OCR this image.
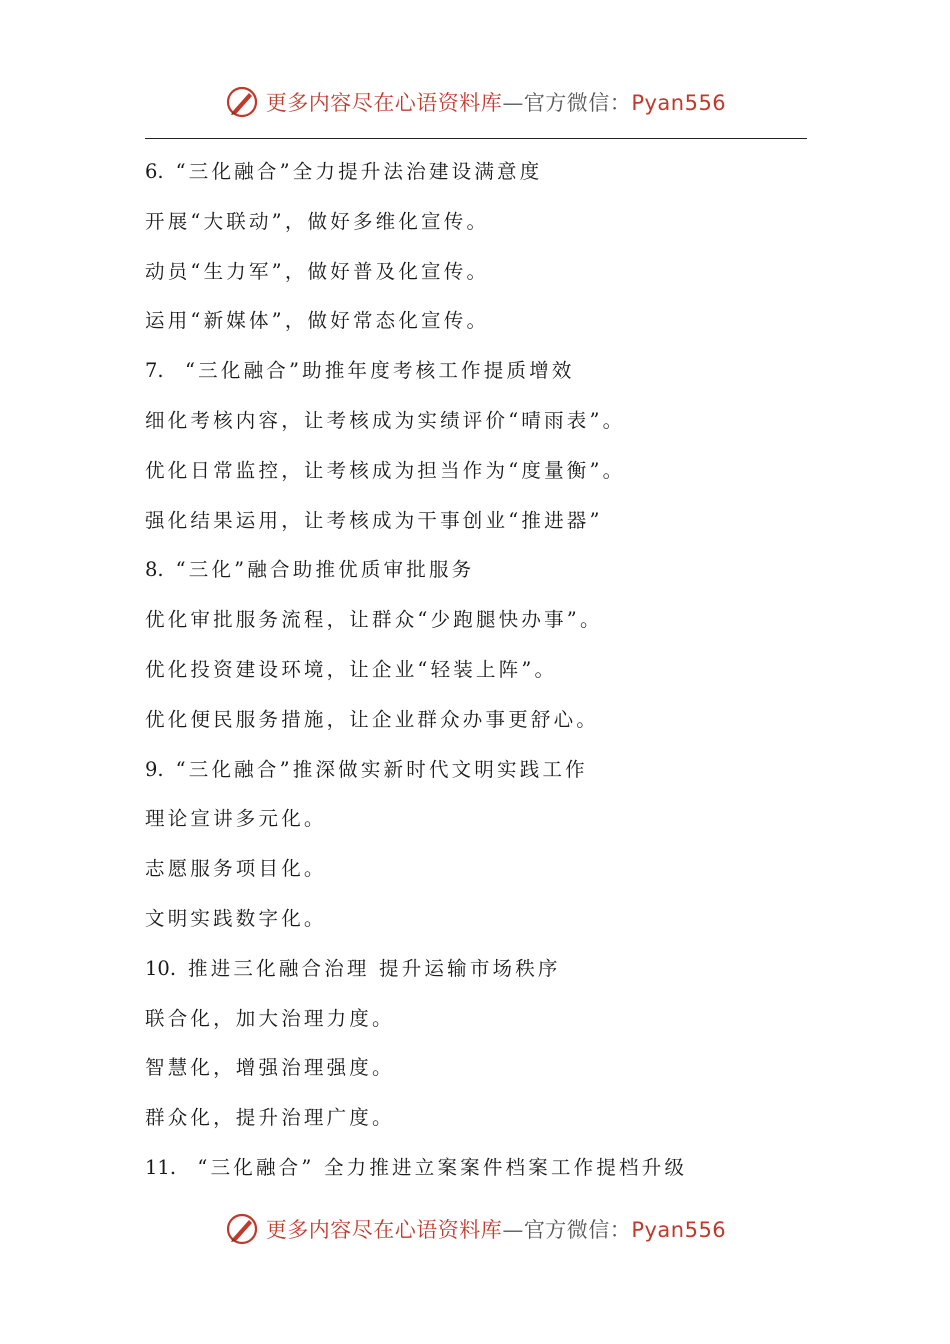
更多内容尽在心语资料库—官方微信：Pyan556
6. “三化融合”全力提升法治建设满意度
开展“大联动”，做好多维化宣传。
动员“生力军”，做好普及化宣传。
运用“新媒体”，做好常态化宣传。
7. “三化融合”助推年度考核工作提质增效
细化考核内容，让考核成为实绩评价“晴雨表”。
优化日常监控，让考核成为担当作为“度量衡”。
强化结果运用，让考核成为干事创业“推进器”
8. “三化”融合助推优质审批服务
优化审批服务流程，让群众“少跑腿快办事”。
优化投资建设环境，让企业“轻装上阵”。
优化便民服务措施，让企业群众办事更舒心。
9. “三化融合”推深做实新时代文明实践工作
理论宣讲多元化。
志愿服务项目化。
文明实践数字化。
10. 推进三化融合治理 提升运输市场秩序
联合化，加大治理力度。
智慧化，增强治理强度。
群众化，提升治理广度。
11. “三化融合” 全力推进立案案件档案工作提档升级
更多内容尽在心语资料库—官方微信：Pyan556
